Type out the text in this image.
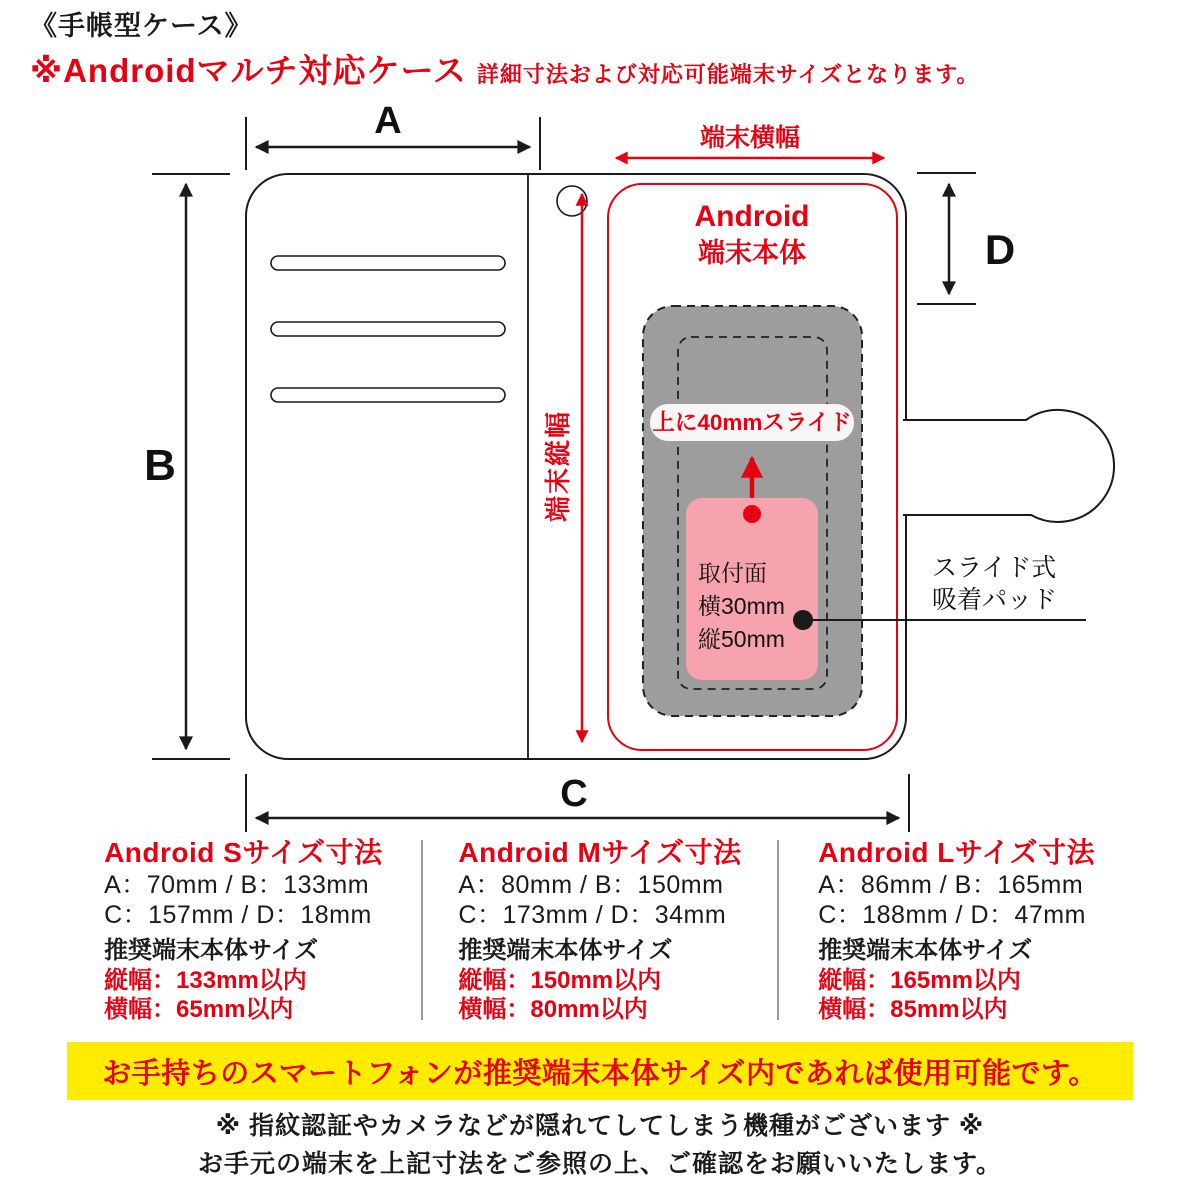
A
B
C
D
端末横幅
端末縦幅
Android
端末本体
上に40mmスライド
取付面
横30mm
縦50mm
スライド式
吸着パッド
《手帳型ケース》
※Androidマルチ対応ケース 詳細寸法および対応可能端末サイズとなります。
Android Sサイズ寸法
A：70mm / B：133mm
C：157mm / D：18mm
推奨端末本体サイズ
縦幅：133mm以内
横幅：65mm以内
Android Mサイズ寸法
A：80mm / B：150mm
C：173mm / D：34mm
推奨端末本体サイズ
縦幅：150mm以内
横幅：80mm以内
Android Lサイズ寸法
A：86mm / B：165mm
C：188mm / D：47mm
推奨端末本体サイズ
縦幅：165mm以内
横幅：85mm以内
お手持ちのスマートフォンが推奨端末本体サイズ内であれば使用可能です。
※ 指紋認証やカメラなどが隠れてしてしまう機種がございます ※
お手元の端末を上記寸法をご参照の上、ご確認をお願いいたします。
